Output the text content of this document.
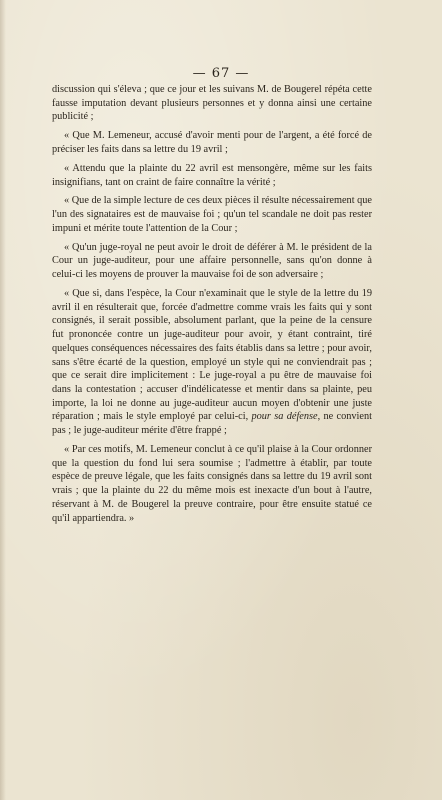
— 67 —

discussion qui s'éleva ; que ce jour et les suivans M. de Bougerel répéta cette fausse imputation devant plusieurs personnes et y donna ainsi une certaine publicité ;

« Que M. Lemeneur, accusé d'avoir menti pour de l'argent, a été forcé de préciser les faits dans sa lettre du 19 avril ;

« Attendu que la plainte du 22 avril est mensongère, même sur les faits insignifians, tant on craint de faire connaître la vérité ;

« Que de la simple lecture de ces deux pièces il résulte nécessairement que l'un des signataires est de mauvaise foi ; qu'un tel scandale ne doit pas rester impuni et mérite toute l'attention de la Cour ;

« Qu'un juge-royal ne peut avoir le droit de déférer à M. le président de la Cour un juge-auditeur, pour une affaire personnelle, sans qu'on donne à celui-ci les moyens de prouver la mauvaise foi de son adversaire ;

« Que si, dans l'espèce, la Cour n'examinait que le style de la lettre du 19 avril il en résulterait que, forcée d'admettre comme vrais les faits qui y sont consignés, il serait possible, absolument parlant, que la peine de la censure fut prononcée contre un juge-auditeur pour avoir, y étant contraint, tiré quelques conséquences nécessaires des faits établis dans sa lettre ; pour avoir, sans s'être écarté de la question, employé un style qui ne conviendrait pas ; que ce serait dire implicitement : Le juge-royal a pu être de mauvaise foi dans la contestation ; accuser d'indélicatesse et mentir dans sa plainte, peu importe, la loi ne donne au juge-auditeur aucun moyen d'obtenir une juste réparation ; mais le style employé par celui-ci, pour sa défense, ne convient pas ; le juge-auditeur mérite d'être frappé ;

« Par ces motifs, M. Lemeneur conclut à ce qu'il plaise à la Cour ordonner que la question du fond lui sera soumise ; l'admettre à établir, par toute espèce de preuve légale, que les faits consignés dans sa lettre du 19 avril sont vrais ; que la plainte du 22 du même mois est inexacte d'un bout à l'autre, réservant à M. de Bougerel la preuve contraire, pour être ensuite statué ce qu'il appartiendra. »
